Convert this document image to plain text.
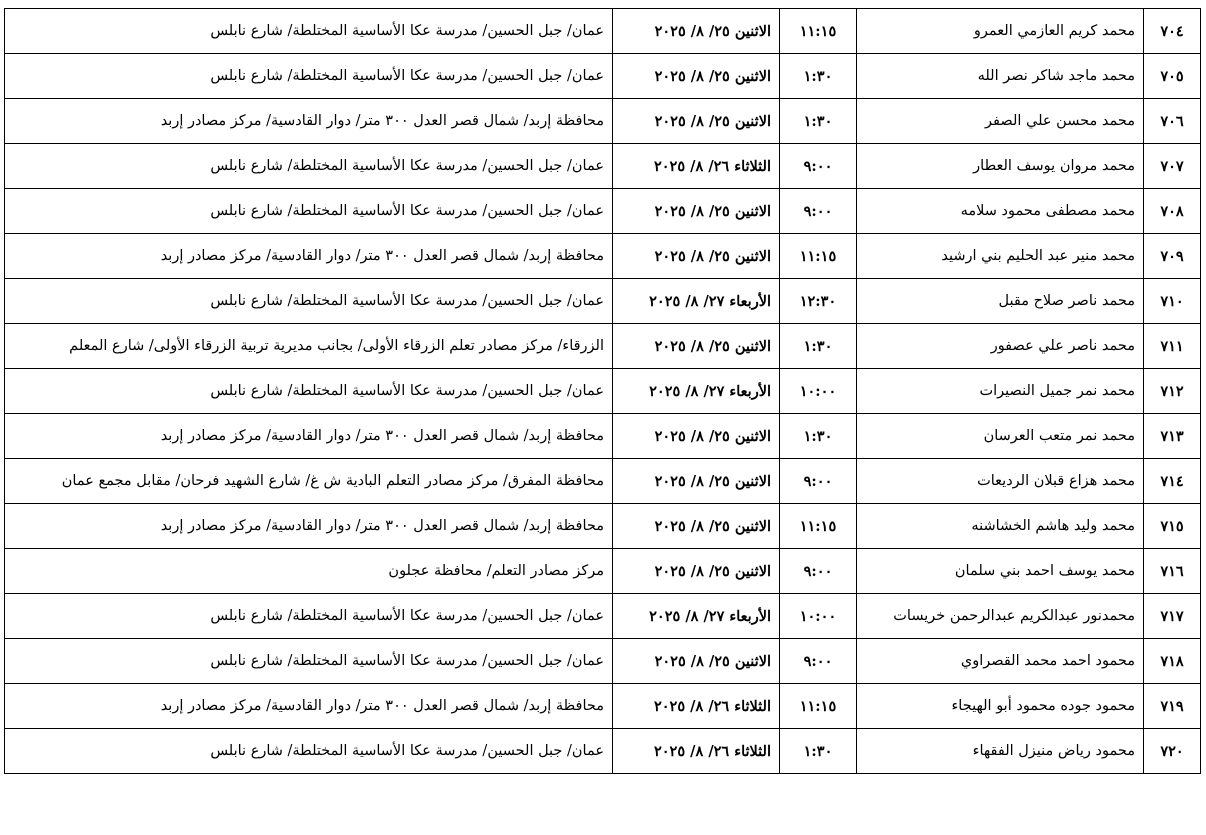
٧٠٤	محمد كريم العازمي العمرو	١١:١٥	الاثنين ٢٥/ ٨/ ٢٠٢٥	عمان/ جبل الحسين/ مدرسة عكا الأساسية المختلطة/ شارع نابلس
٧٠٥	محمد ماجد شاكر نصر الله	١:٣٠	الاثنين ٢٥/ ٨/ ٢٠٢٥	عمان/ جبل الحسين/ مدرسة عكا الأساسية المختلطة/ شارع نابلس
٧٠٦	محمد محسن علي الصفر	١:٣٠	الاثنين ٢٥/ ٨/ ٢٠٢٥	محافظة إربد/ شمال قصر العدل ٣٠٠ متر/ دوار القادسية/ مركز مصادر إربد
٧٠٧	محمد مروان يوسف العطار	٩:٠٠	الثلاثاء ٢٦/ ٨/ ٢٠٢٥	عمان/ جبل الحسين/ مدرسة عكا الأساسية المختلطة/ شارع نابلس
٧٠٨	محمد مصطفى محمود سلامه	٩:٠٠	الاثنين ٢٥/ ٨/ ٢٠٢٥	عمان/ جبل الحسين/ مدرسة عكا الأساسية المختلطة/ شارع نابلس
٧٠٩	محمد منير عبد الحليم بني ارشيد	١١:١٥	الاثنين ٢٥/ ٨/ ٢٠٢٥	محافظة إربد/ شمال قصر العدل ٣٠٠ متر/ دوار القادسية/ مركز مصادر إربد
٧١٠	محمد ناصر صلاح مقبل	١٢:٣٠	الأربعاء ٢٧/ ٨/ ٢٠٢٥	عمان/ جبل الحسين/ مدرسة عكا الأساسية المختلطة/ شارع نابلس
٧١١	محمد ناصر علي عصفور	١:٣٠	الاثنين ٢٥/ ٨/ ٢٠٢٥	الزرقاء/ مركز مصادر تعلم الزرقاء الأولى/ بجانب مديرية تربية الزرقاء الأولى/ شارع المعلم
٧١٢	محمد نمر جميل النصيرات	١٠:٠٠	الأربعاء ٢٧/ ٨/ ٢٠٢٥	عمان/ جبل الحسين/ مدرسة عكا الأساسية المختلطة/ شارع نابلس
٧١٣	محمد نمر متعب العرسان	١:٣٠	الاثنين ٢٥/ ٨/ ٢٠٢٥	محافظة إربد/ شمال قصر العدل ٣٠٠ متر/ دوار القادسية/ مركز مصادر إربد
٧١٤	محمد هزاع قبلان الرديعات	٩:٠٠	الاثنين ٢٥/ ٨/ ٢٠٢٥	محافظة المفرق/ مركز مصادر التعلم البادية ش غ/ شارع الشهيد فرحان/ مقابل مجمع عمان
٧١٥	محمد وليد هاشم الخشاشنه	١١:١٥	الاثنين ٢٥/ ٨/ ٢٠٢٥	محافظة إربد/ شمال قصر العدل ٣٠٠ متر/ دوار القادسية/ مركز مصادر إربد
٧١٦	محمد يوسف احمد بني سلمان	٩:٠٠	الاثنين ٢٥/ ٨/ ٢٠٢٥	مركز مصادر التعلم/ محافظة عجلون
٧١٧	محمدنور عبدالكريم عبدالرحمن خريسات	١٠:٠٠	الأربعاء ٢٧/ ٨/ ٢٠٢٥	عمان/ جبل الحسين/ مدرسة عكا الأساسية المختلطة/ شارع نابلس
٧١٨	محمود احمد محمد القصراوي	٩:٠٠	الاثنين ٢٥/ ٨/ ٢٠٢٥	عمان/ جبل الحسين/ مدرسة عكا الأساسية المختلطة/ شارع نابلس
٧١٩	محمود جوده محمود أبو الهيجاء	١١:١٥	الثلاثاء ٢٦/ ٨/ ٢٠٢٥	محافظة إربد/ شمال قصر العدل ٣٠٠ متر/ دوار القادسية/ مركز مصادر إربد
٧٢٠	محمود رياض منيزل الفقهاء	١:٣٠	الثلاثاء ٢٦/ ٨/ ٢٠٢٥	عمان/ جبل الحسين/ مدرسة عكا الأساسية المختلطة/ شارع نابلس
